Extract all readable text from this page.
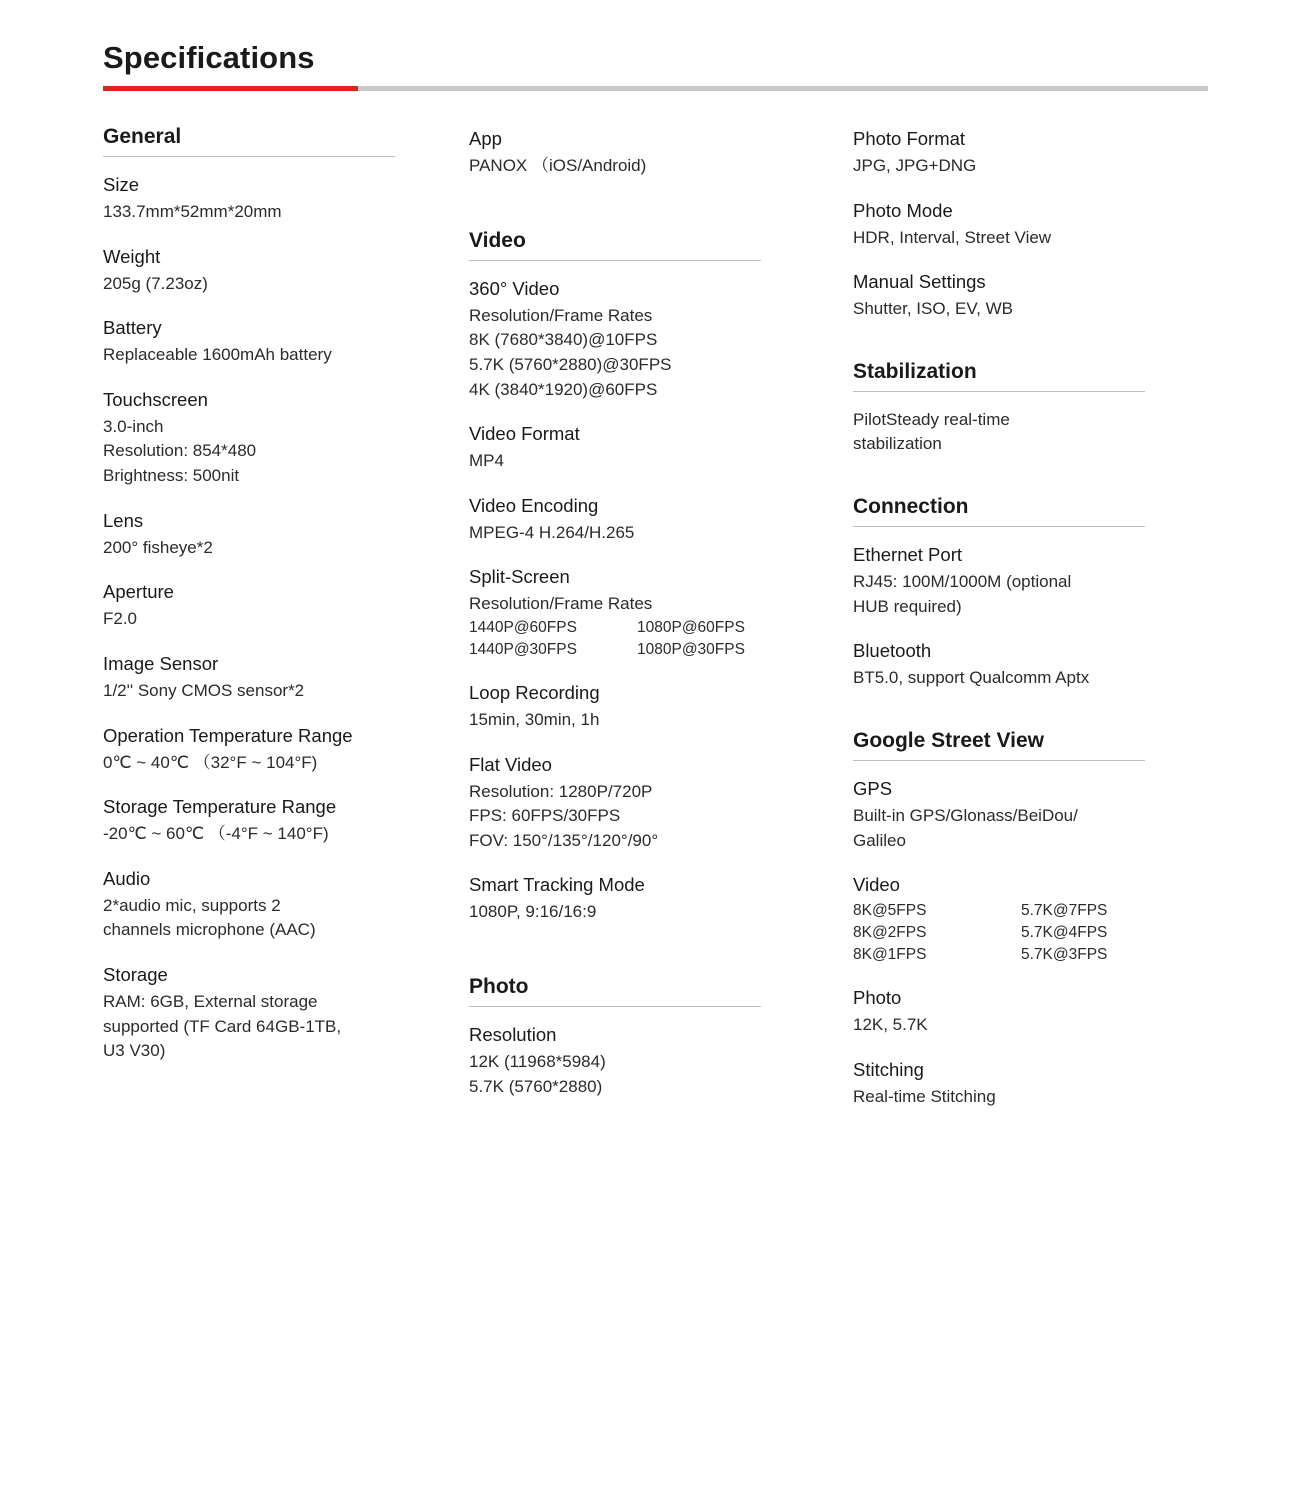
Specifications
General
Size
133.7mm*52mm*20mm
Weight
205g (7.23oz)
Battery
Replaceable 1600mAh battery
Touchscreen
3.0-inch
Resolution: 854*480
Brightness: 500nit
Lens
200° fisheye*2
Aperture
F2.0
Image Sensor
1/2'' Sony CMOS sensor*2
Operation Temperature Range
0℃ ~ 40℃ （32°F ~ 104°F)
Storage Temperature Range
-20℃ ~ 60℃ （-4°F ~ 140°F)
Audio
2*audio mic, supports 2
channels microphone (AAC)
Storage
RAM: 6GB, External storage
supported (TF Card 64GB-1TB,
U3 V30)
App
PANOX （iOS/Android)
Video
360° Video
Resolution/Frame Rates
8K (7680*3840)@10FPS
5.7K (5760*2880)@30FPS
4K (3840*1920)@60FPS
Video Format
MP4
Video Encoding
MPEG-4 H.264/H.265
Split-Screen
Resolution/Frame Rates
1440P@60FPS	1080P@60FPS
1440P@30FPS	1080P@30FPS
Loop Recording
15min, 30min, 1h
Flat Video
Resolution: 1280P/720P
FPS: 60FPS/30FPS
FOV: 150°/135°/120°/90°
Smart Tracking Mode
1080P, 9:16/16:9
Photo
Resolution
12K (11968*5984)
5.7K (5760*2880)
Photo Format
JPG, JPG+DNG
Photo Mode
HDR, Interval, Street View
Manual Settings
Shutter, ISO, EV, WB
Stabilization
PilotSteady real-time
stabilization
Connection
Ethernet Port
RJ45: 100M/1000M (optional
HUB required)
Bluetooth
BT5.0, support Qualcomm Aptx
Google Street View
GPS
Built-in GPS/Glonass/BeiDou/
Galileo
Video
8K@5FPS	5.7K@7FPS
8K@2FPS	5.7K@4FPS
8K@1FPS	5.7K@3FPS
Photo
12K, 5.7K
Stitching
Real-time Stitching
